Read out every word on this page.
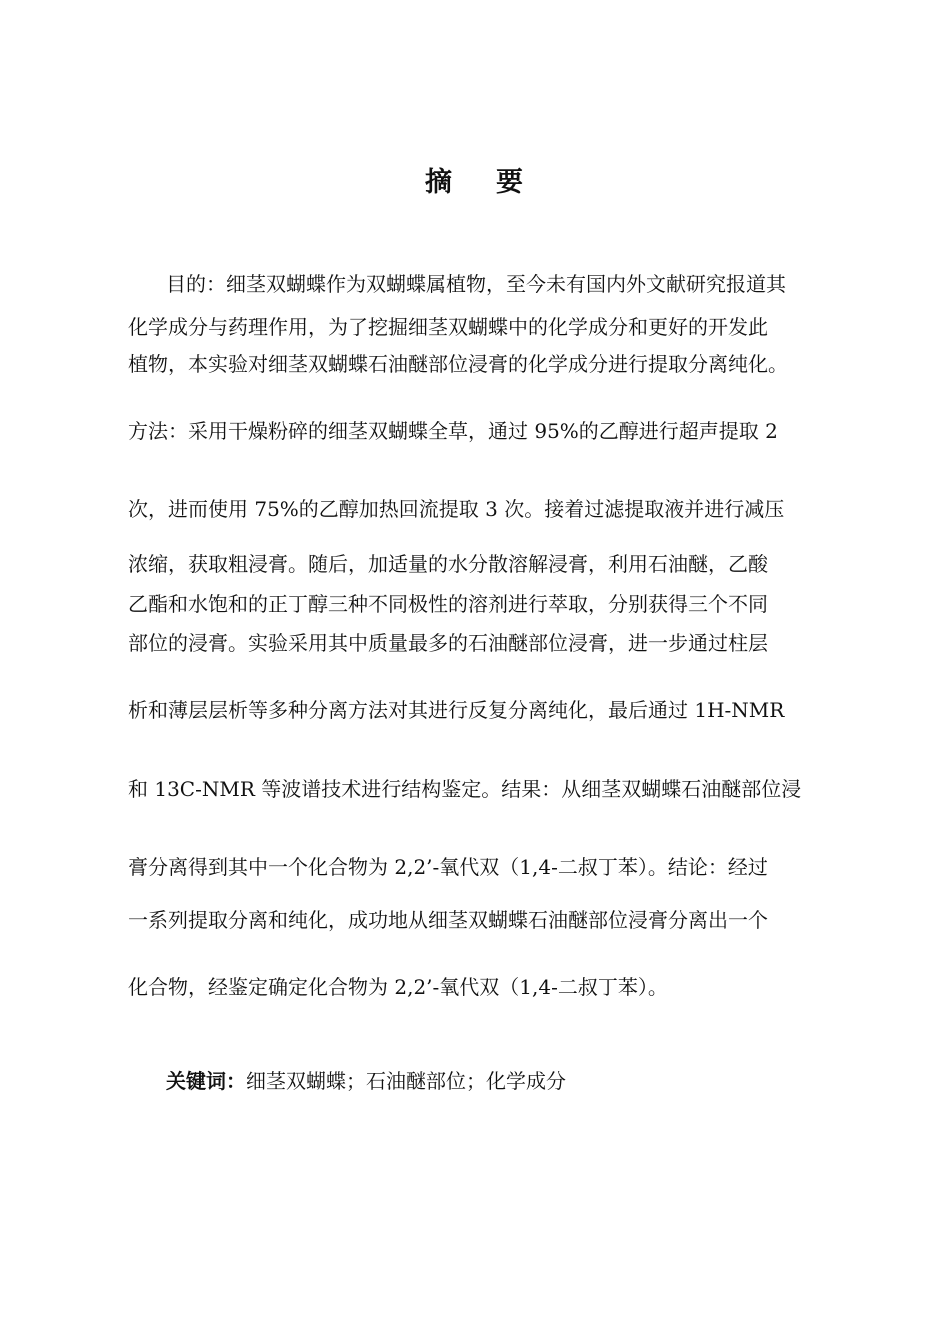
摘 要
目的：细茎双蝴蝶作为双蝴蝶属植物，至今未有国内外文献研究报道其
化学成分与药理作用，为了挖掘细茎双蝴蝶中的化学成分和更好的开发此
植物，本实验对细茎双蝴蝶石油醚部位浸膏的化学成分进行提取分离纯化。
方法：采用干燥粉碎的细茎双蝴蝶全草，通过 95%的乙醇进行超声提取 2
次，进而使用 75%的乙醇加热回流提取 3 次。接着过滤提取液并进行减压
浓缩，获取粗浸膏。随后，加适量的水分散溶解浸膏，利用石油醚，乙酸
乙酯和水饱和的正丁醇三种不同极性的溶剂进行萃取，分别获得三个不同
部位的浸膏。实验采用其中质量最多的石油醚部位浸膏，进一步通过柱层
析和薄层层析等多种分离方法对其进行反复分离纯化，最后通过 1H-NMR
和 13C-NMR 等波谱技术进行结构鉴定。结果：从细茎双蝴蝶石油醚部位浸
膏分离得到其中一个化合物为 2,2’-氧代双（1,4-二叔丁苯）。结论：经过
一系列提取分离和纯化，成功地从细茎双蝴蝶石油醚部位浸膏分离出一个
化合物，经鉴定确定化合物为 2,2’-氧代双（1,4-二叔丁苯）。
关键词：细茎双蝴蝶；石油醚部位；化学成分
